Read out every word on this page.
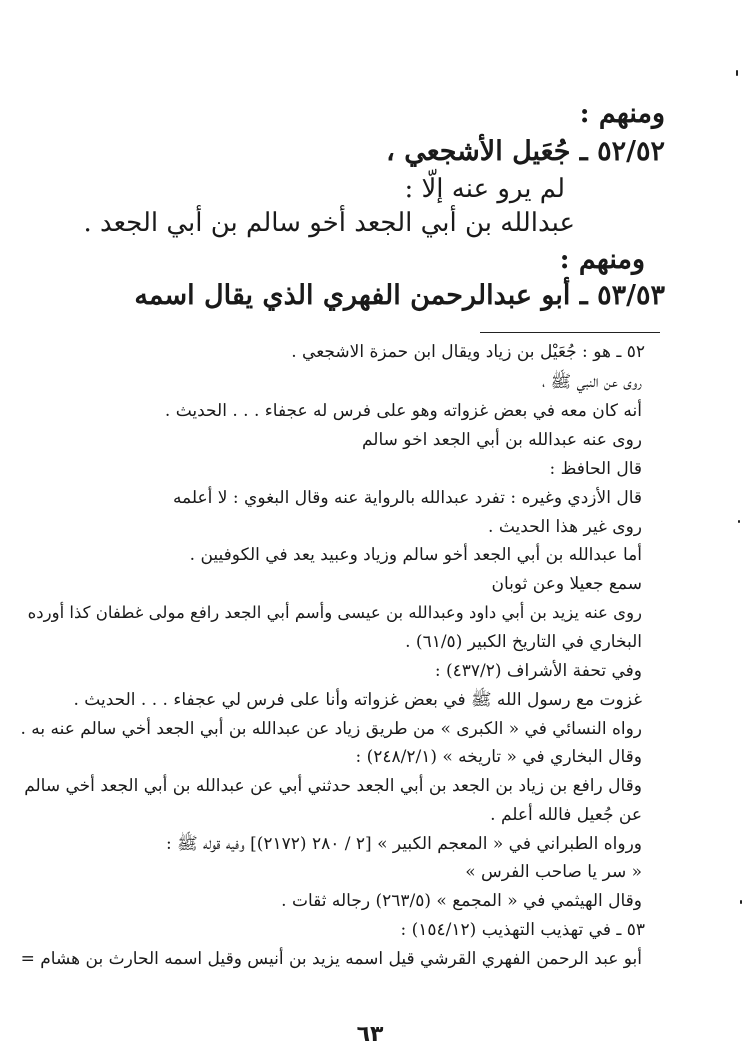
ومنهم :

٥٢/٥٢ ـ جُعَيل الأشجعي ،

لم يرو عنه إلّا :

عبدالله بن أبي الجعد أخو سالم بن أبي الجعد .

ومنهم :

٥٣/٥٣ ـ أبو عبدالرحمن الفهري الذي يقال اسمه

٥٢ ـ هو : جُعَيْل بن زياد ويقال ابن حمزة الاشجعي .

روى عن النبي ﷺ ،

أنه كان معه في بعض غزواته وهو على فرس له عجفاء . . . الحديث .

روى عنه عبدالله بن أبي الجعد اخو سالم

قال الحافظ :

قال الأزدي وغيره : تفرد عبدالله بالرواية عنه وقال البغوي : لا أعلمه

روى غير هذا الحديث .

أما عبدالله بن أبي الجعد أخو سالم وزياد وعبيد يعد في الكوفيين .

سمع جعيلا وعن ثوبان

روى عنه يزيد بن أبي داود وعبدالله بن عيسى وأسم أبي الجعد رافع مولى غطفان كذا أورده

البخاري في التاريخ الكبير (٦١/٥) .

وفي تحفة الأشراف (٤٣٧/٢) :

غزوت مع رسول الله ﷺ في بعض غزواته وأنا على فرس لي عجفاء . . . الحديث .

رواه النسائي في « الكبرى » من طريق زياد عن عبدالله بن أبي الجعد أخي سالم عنه به .

وقال البخاري في « تاريخه » (٢٤٨/٢/١) :

وقال رافع بن زياد بن الجعد بن أبي الجعد حدثني أبي عن عبدالله بن أبي الجعد أخي سالم

عن جُعيل فالله أعلم .

ورواه الطبراني في « المعجم الكبير » [٢ / ٢٨٠ (٢١٧٢)] وفيه قوله ﷺ :

« سر يا صاحب الفرس »

وقال الهيثمي في « المجمع » (٢٦٣/٥) رجاله ثقات .

٥٣ ـ في تهذيب التهذيب (١٥٤/١٢) :

أبو عبد الرحمن الفهري القرشي قيل اسمه يزيد بن أنيس وقيل اسمه الحارث بن هشام =

٦٣
